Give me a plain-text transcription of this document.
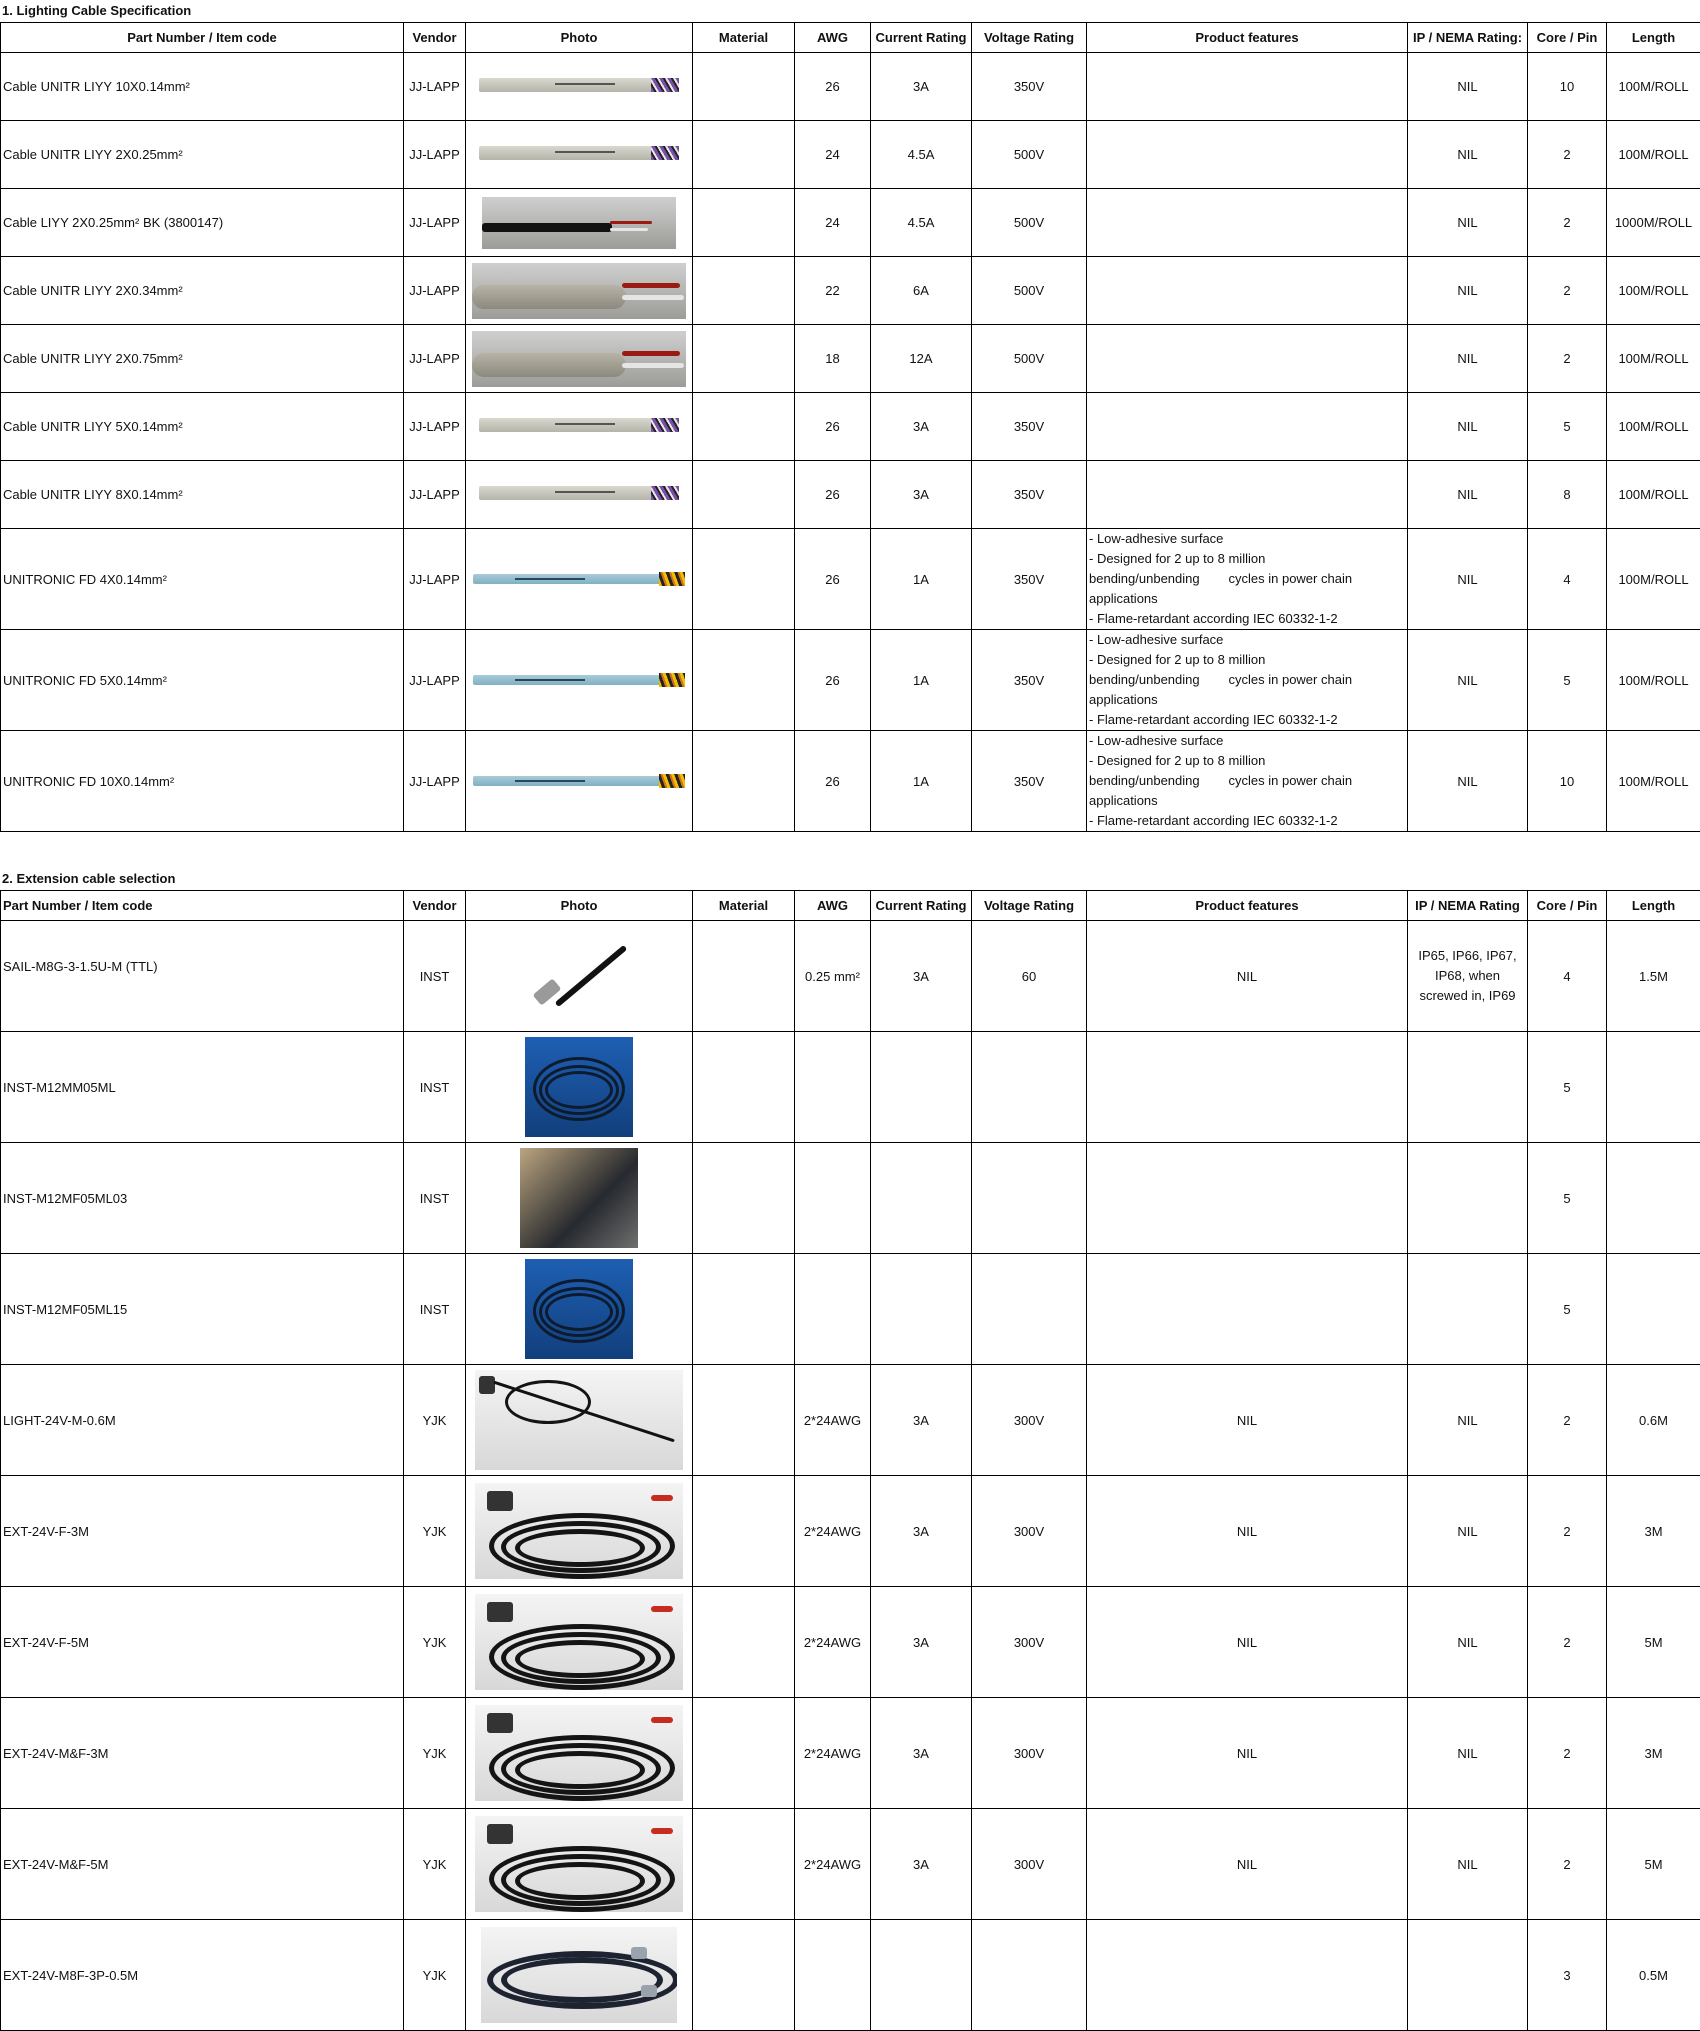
1. Lighting Cable Specification
Part Number / Item code	Vendor	Photo	Material	AWG	Current Rating	Voltage Rating	Product features	IP / NEMA Rating:	Core / Pin	Length
Cable UNITR LIYY 10X0.14mm²	JJ-LAPP			26	3A	350V		NIL	10	100M/ROLL
Cable UNITR LIYY 2X0.25mm²	JJ-LAPP			24	4.5A	500V		NIL	2	100M/ROLL
Cable LIYY 2X0.25mm² BK (3800147)	JJ-LAPP			24	4.5A	500V		NIL	2	1000M/ROLL
Cable UNITR LIYY 2X0.34mm²	JJ-LAPP			22	6A	500V		NIL	2	100M/ROLL
Cable UNITR LIYY 2X0.75mm²	JJ-LAPP			18	12A	500V		NIL	2	100M/ROLL
Cable UNITR LIYY 5X0.14mm²	JJ-LAPP			26	3A	350V		NIL	5	100M/ROLL
Cable UNITR LIYY 8X0.14mm²	JJ-LAPP			26	3A	350V		NIL	8	100M/ROLL
UNITRONIC FD 4X0.14mm²	JJ-LAPP			26	1A	350V	- Low-adhesive surface
- Designed for 2 up to 8 million
bending/unbending        cycles in power chain
applications
- Flame-retardant according IEC 60332-1-2	NIL	4	100M/ROLL
UNITRONIC FD 5X0.14mm²	JJ-LAPP			26	1A	350V	- Low-adhesive surface
- Designed for 2 up to 8 million
bending/unbending        cycles in power chain
applications
- Flame-retardant according IEC 60332-1-2	NIL	5	100M/ROLL
UNITRONIC FD 10X0.14mm²	JJ-LAPP			26	1A	350V	- Low-adhesive surface
- Designed for 2 up to 8 million
bending/unbending        cycles in power chain
applications
- Flame-retardant according IEC 60332-1-2	NIL	10	100M/ROLL
2. Extension cable selection
Part Number / Item code	Vendor	Photo	Material	AWG	Current Rating	Voltage Rating	Product features	IP / NEMA Rating	Core / Pin	Length
SAIL-M8G-3-1.5U-M (TTL)	INST			0.25 mm²	3A	60	NIL	IP65, IP66, IP67,
IP68, when
screwed in, IP69	4	1.5M
INST-M12MM05ML	INST								5	
INST-M12MF05ML03	INST								5	
INST-M12MF05ML15	INST								5	
LIGHT-24V-M-0.6M	YJK			2*24AWG	3A	300V	NIL	NIL	2	0.6M
EXT-24V-F-3M	YJK			2*24AWG	3A	300V	NIL	NIL	2	3M
EXT-24V-F-5M	YJK			2*24AWG	3A	300V	NIL	NIL	2	5M
EXT-24V-M&F-3M	YJK			2*24AWG	3A	300V	NIL	NIL	2	3M
EXT-24V-M&F-5M	YJK			2*24AWG	3A	300V	NIL	NIL	2	5M
EXT-24V-M8F-3P-0.5M	YJK								3	0.5M
